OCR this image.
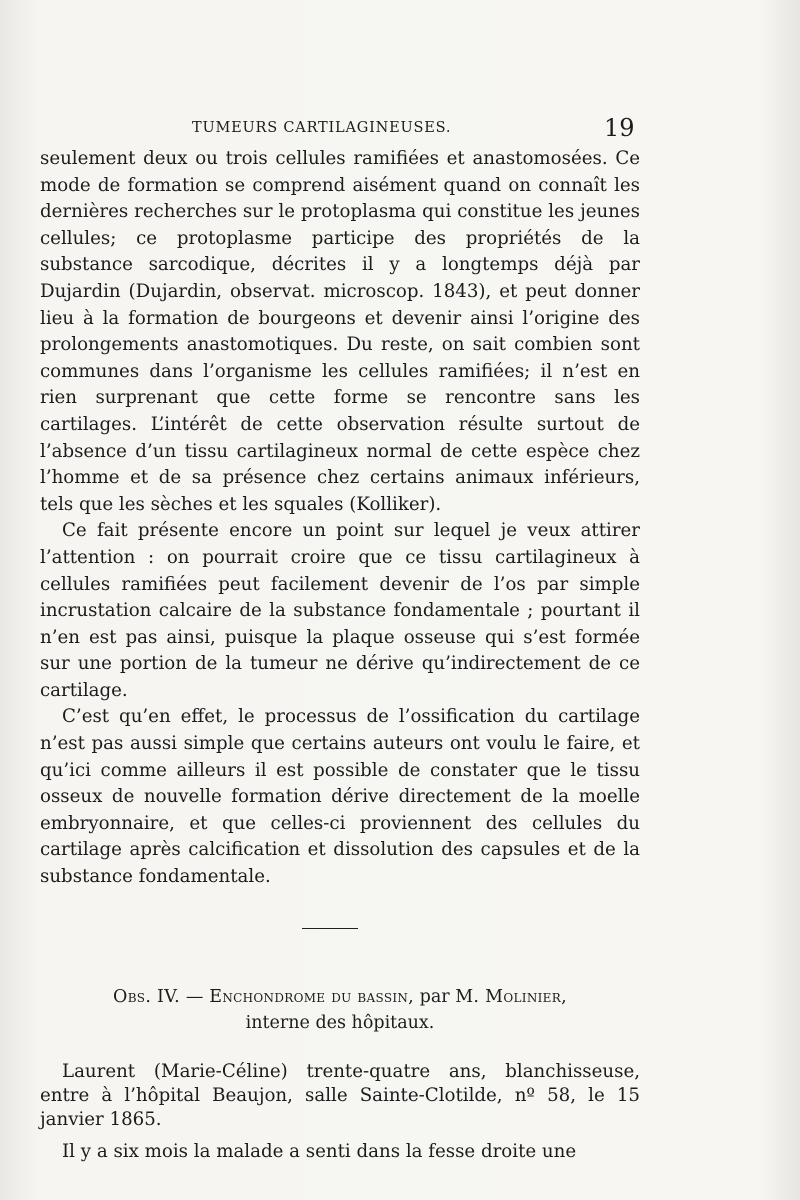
TUMEURS CARTILAGINEUSES.	19

seulement deux ou trois cellules ramifiées et anastomosées. Ce mode de formation se comprend aisément quand on connaît les dernières recherches sur le protoplasma qui constitue les jeunes cellules; ce protoplasme participe des propriétés de la substance sarcodique, décrites il y a longtemps déjà par Dujardin (Dujardin, observat. microscop. 1843), et peut donner lieu à la formation de bourgeons et devenir ainsi l’origine des prolongements anastomotiques. Du reste, on sait combien sont communes dans l’organisme les cellules ramifiées; il n’est en rien surprenant que cette forme se rencontre sans les cartilages. L’intérêt de cette observation résulte surtout de l’absence d’un tissu cartilagineux normal de cette espèce chez l’homme et de sa présence chez certains animaux inférieurs, tels que les sèches et les squales (Kolliker).

Ce fait présente encore un point sur lequel je veux attirer l’attention : on pourrait croire que ce tissu cartilagineux à cellules ramifiées peut facilement devenir de l’os par simple incrustation calcaire de la substance fondamentale ; pourtant il n’en est pas ainsi, puisque la plaque osseuse qui s’est formée sur une portion de la tumeur ne dérive qu’indirectement de ce cartilage.

C’est qu’en effet, le processus de l’ossification du cartilage n’est pas aussi simple que certains auteurs ont voulu le faire, et qu’ici comme ailleurs il est possible de constater que le tissu osseux de nouvelle formation dérive directement de la moelle embryonnaire, et que celles-ci proviennent des cellules du cartilage après calcification et dissolution des capsules et de la substance fondamentale.

Obs. IV. — Enchondrome du bassin, par M. Molinier,
interne des hôpitaux.

Laurent (Marie-Céline) trente-quatre ans, blanchisseuse, entre à l’hôpital Beaujon, salle Sainte-Clotilde, nº 58, le 15 janvier 1865.

Il y a six mois la malade a senti dans la fesse droite une
